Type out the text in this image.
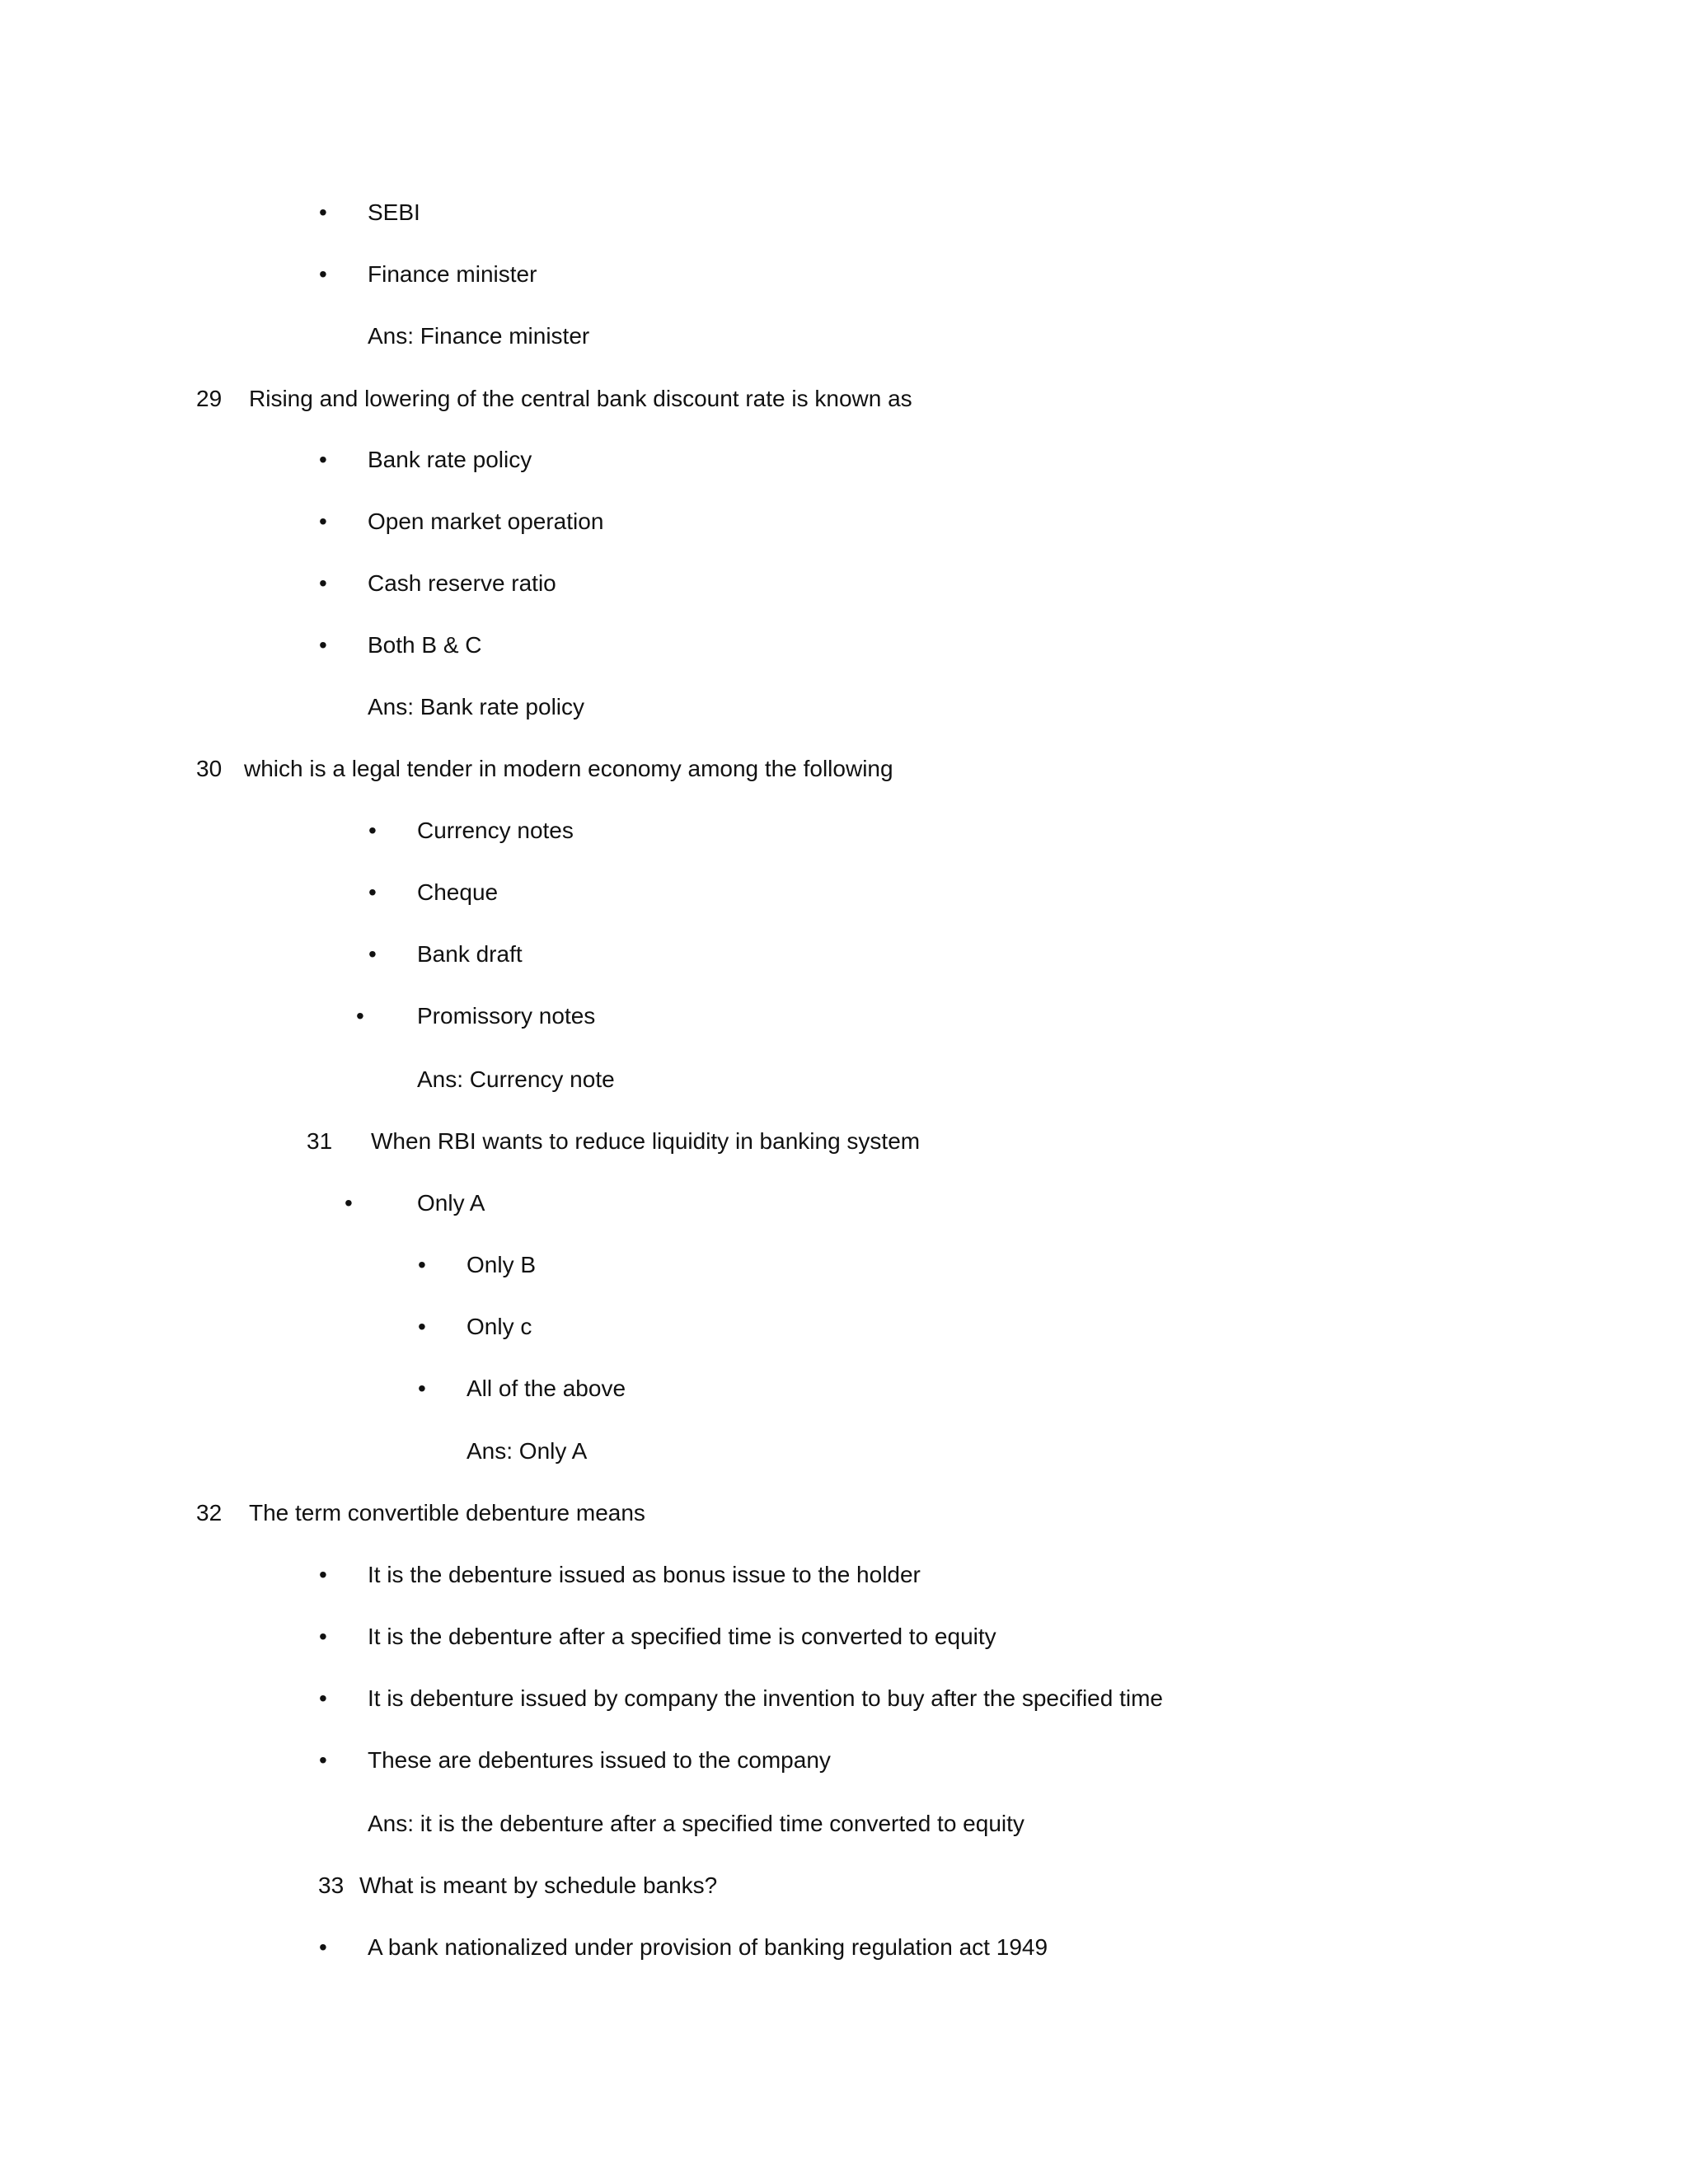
•
SEBI
•
Finance minister
Ans: Finance minister
29 Rising and lowering of the central bank discount rate is known as
•
Bank rate policy
•
Open market operation
•
Cash reserve ratio
•
Both B & C
Ans: Bank rate policy
30 which is a legal tender in modern economy among the following
•
Currency notes
•
Cheque
•
Bank draft
•
Promissory notes
Ans: Currency note
31 When RBI wants to reduce liquidity in banking system
•
Only A
•
Only B
•
Only c
•
All of the above
Ans: Only A
32 The term convertible debenture means
•
It is the debenture issued as bonus issue to the holder
•
It is the debenture after a specified time is converted to equity
•
It is debenture issued by company the invention to buy after the specified time
•
These are debentures issued to the company
Ans: it is the debenture after a specified time converted to equity
33 What is meant by schedule banks?
•
A bank nationalized under provision of banking regulation act 1949
